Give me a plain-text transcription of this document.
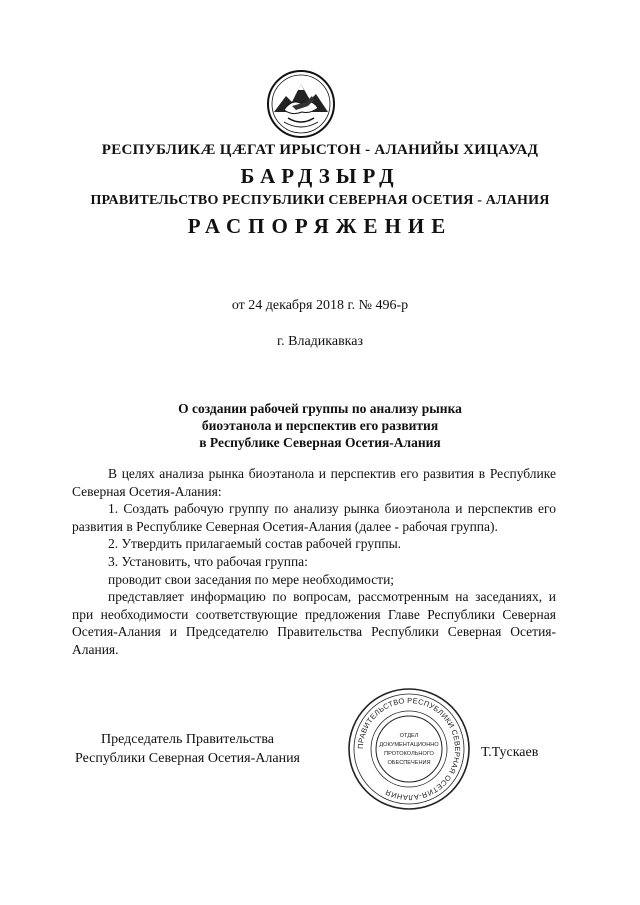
РЕСПУБЛИКӔ ЦӔГАТ ИРЫСТОН - АЛАНИЙЫ ХИЦАУАД
БАРДЗЫРД
ПРАВИТЕЛЬСТВО РЕСПУБЛИКИ СЕВЕРНАЯ ОСЕТИЯ - АЛАНИЯ
РАСПОРЯЖЕНИЕ
от 24 декабря 2018 г. № 496-р
г. Владикавказ
О создании рабочей группы по анализу рынка
биоэтанола и перспектив его развития
в Республике Северная Осетия-Алания
В целях анализа рынка биоэтанола и перспектив его развития в Республике Северная Осетия-Алания:
1. Создать рабочую группу по анализу рынка биоэтанола и перспектив его развития в Республике Северная Осетия-Алания (далее - рабочая группа).
2. Утвердить прилагаемый состав рабочей группы.
3. Установить, что рабочая группа:
проводит свои заседания по мере необходимости;
представляет информацию по вопросам, рассмотренным на заседаниях, и при необходимости соответствующие предложения Главе Республики Северная Осетия-Алания и Председателю Правительства Республики Северная Осетия-Алания.
Председатель Правительства
Республики Северная Осетия-Алания
ПРАВИТЕЛЬСТВО РЕСПУБЛИКИ СЕВЕРНАЯ ОСЕТИЯ-АЛАНИЯ
ОТДЕЛ
ДОКУМЕНТАЦИОННО
ПРОТОКОЛЬНОГО
ОБЕСПЕЧЕНИЯ
Т.Тускаев
